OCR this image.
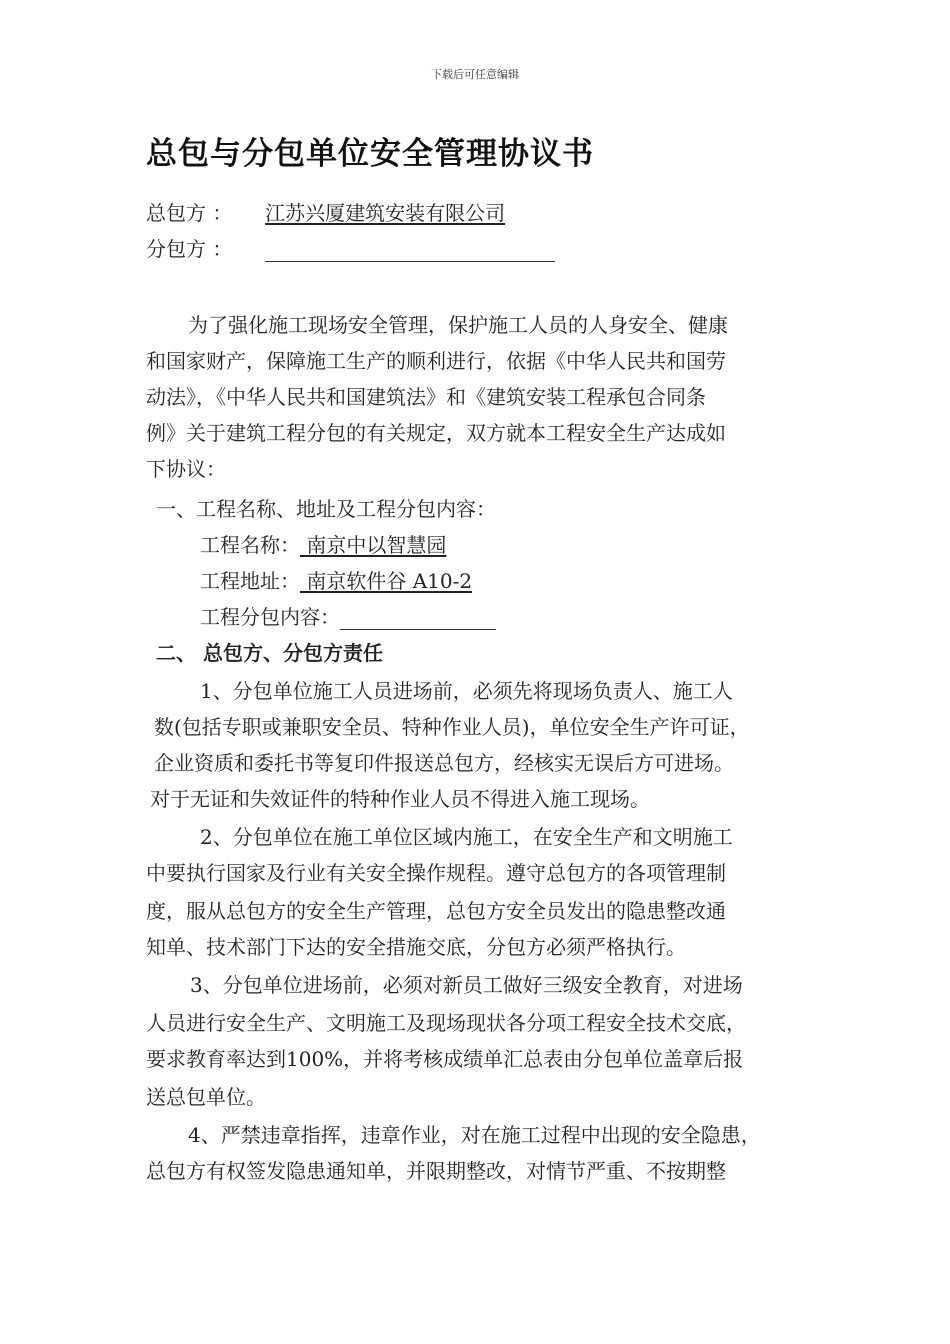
下载后可任意编辑
总包与分包单位安全管理协议书
总包方 ：  江苏兴厦建筑安装有限公司
分包方 ：
为了强化施工现场安全管理，保护施工人员的人身安全、健康
和国家财产，保障施工生产的顺利进行，依据《中华人民共和国劳
动法》，《中华人民共和国建筑法》和《建筑安装工程承包合同条
例》关于建筑工程分包的有关规定，双方就本工程安全生产达成如
下协议：
一、工程名称、地址及工程分包内容：
工程名称： 南京中以智慧园
工程地址： 南京软件谷 A10-2
工程分包内容：
二、 总包方、分包方责任
1、分包单位施工人员进场前，必须先将现场负责人、施工人
数(包括专职或兼职安全员、特种作业人员)，单位安全生产许可证，
企业资质和委托书等复印件报送总包方，经核实无误后方可进场。
对于无证和失效证件的特种作业人员不得进入施工现场。
2、分包单位在施工单位区域内施工，在安全生产和文明施工
中要执行国家及行业有关安全操作规程。遵守总包方的各项管理制
度，服从总包方的安全生产管理，总包方安全员发出的隐患整改通
知单、技术部门下达的安全措施交底，分包方必须严格执行。
3、分包单位进场前，必须对新员工做好三级安全教育，对进场
人员进行安全生产、文明施工及现场现状各分项工程安全技术交底，
要求教育率达到100%，并将考核成绩单汇总表由分包单位盖章后报
送总包单位。
4、严禁违章指挥，违章作业，对在施工过程中出现的安全隐患，
总包方有权签发隐患通知单，并限期整改，对情节严重、不按期整
